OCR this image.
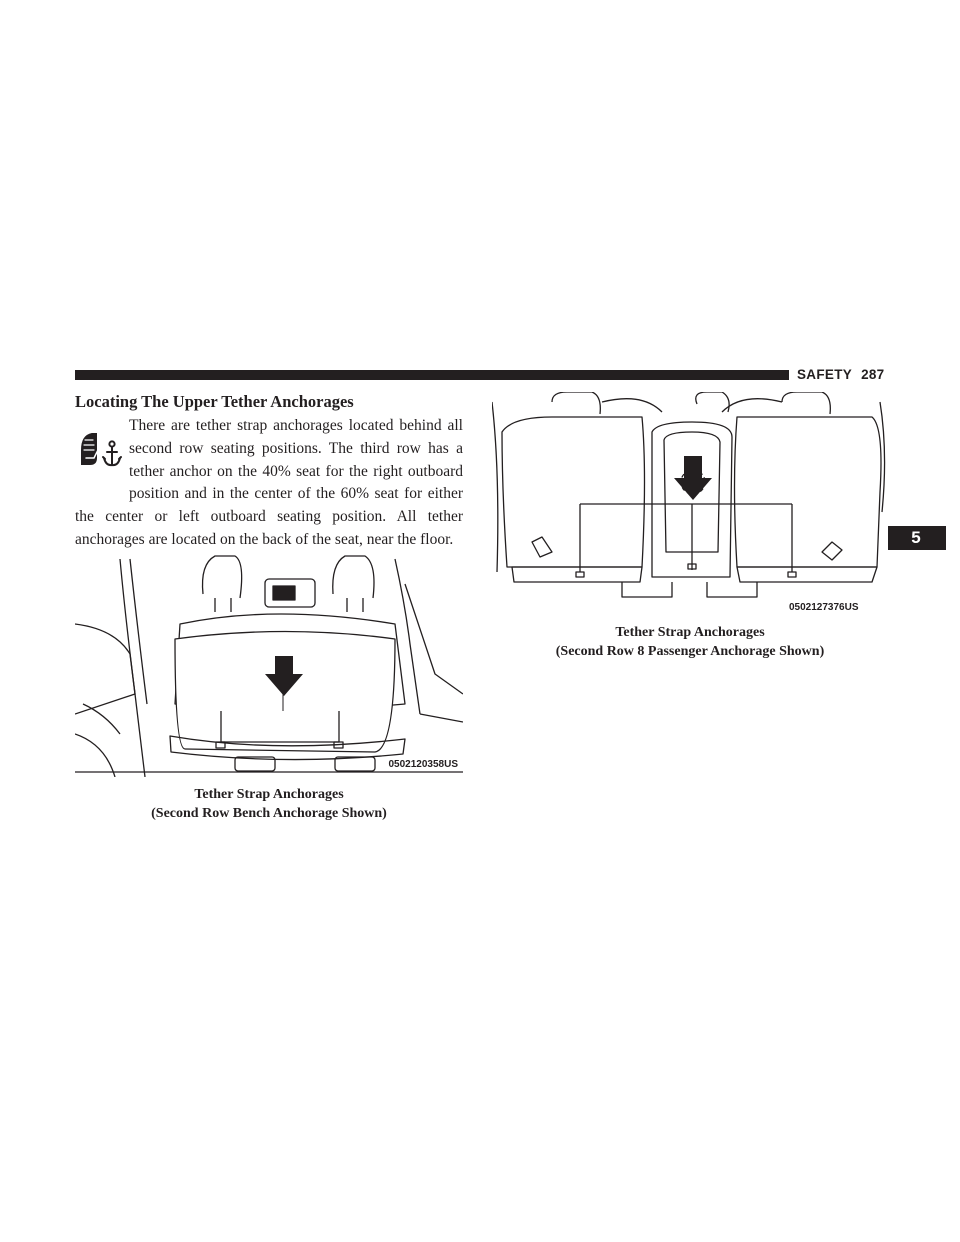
SAFETY 287
5
Locating The Upper Tether Anchorages

There are tether strap anchorages located behind all second row seating positions. The third row has a tether anchor on the 40% seat for the right outboard position and in the center of the 60% seat for either the center or left outboard seating position. All tether anchorages are located on the back of the seat, near the floor.

0502120358US
Tether Strap Anchorages
(Second Row Bench Anchorage Shown)
0502127376US
Tether Strap Anchorages
(Second Row 8 Passenger Anchorage Shown)
